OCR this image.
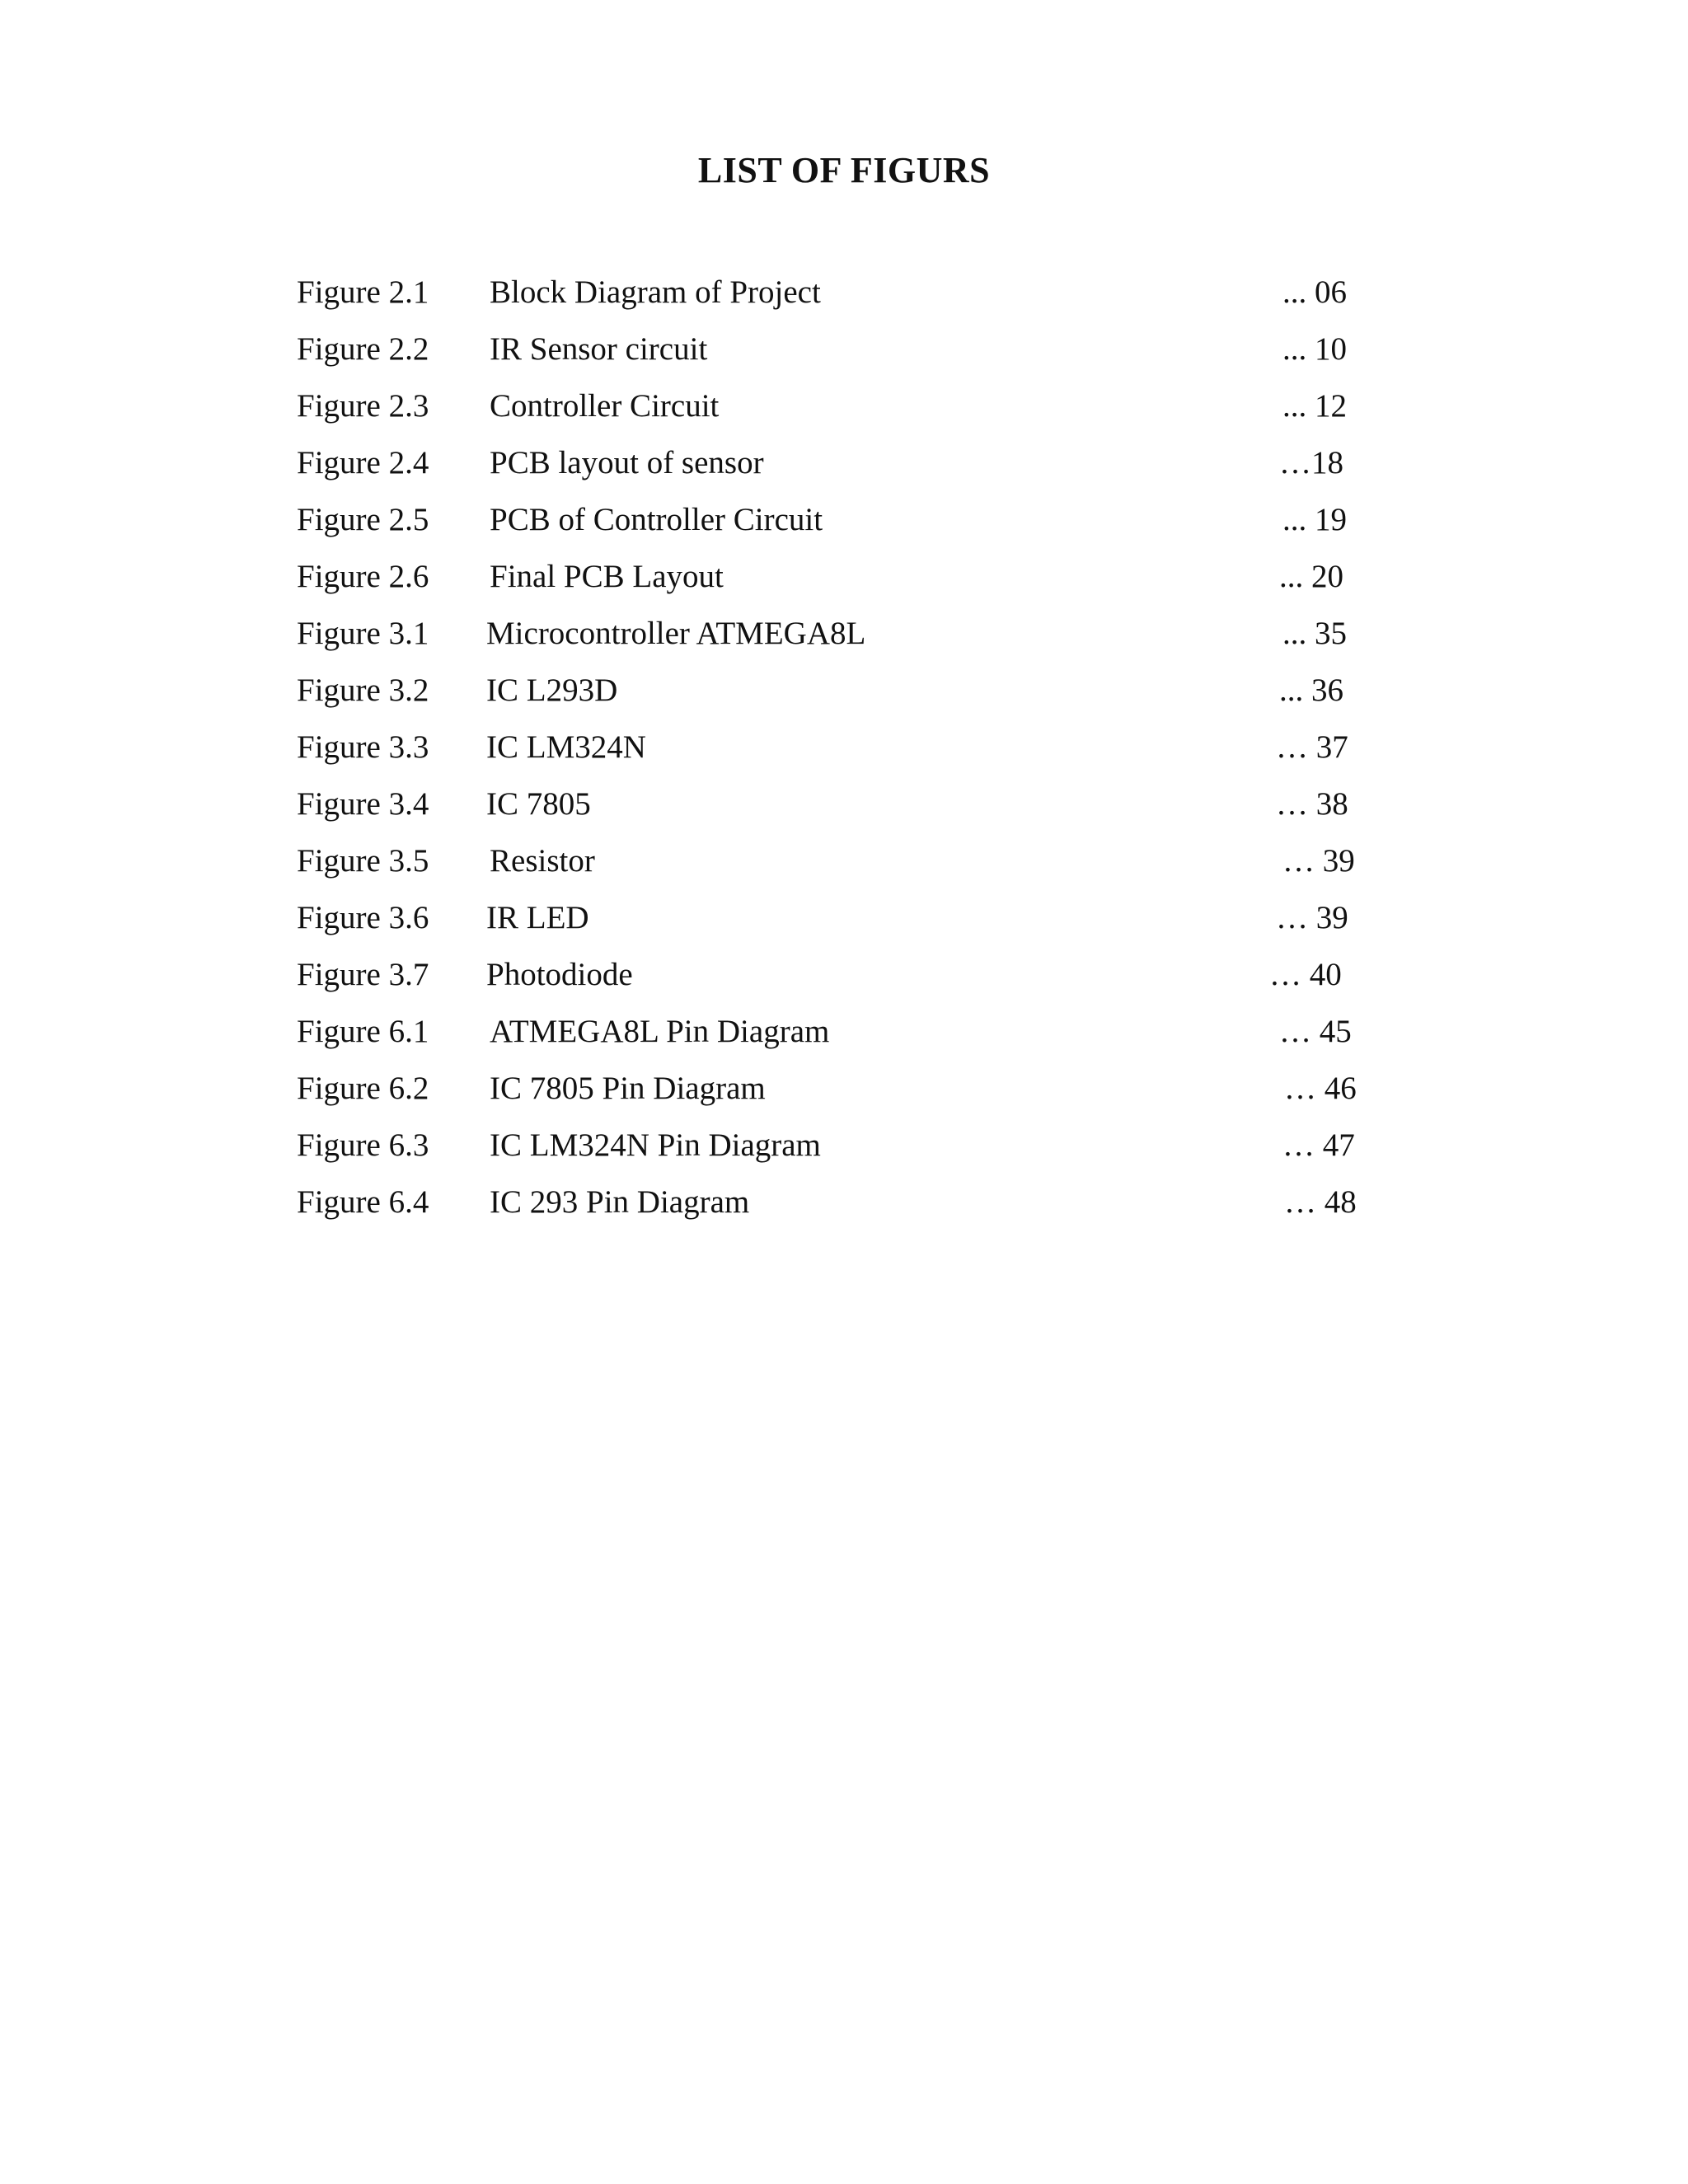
LIST OF FIGURS
Figure 2.1 Block Diagram of Project	... 06
Figure 2.2 IR Sensor circuit	... 10
Figure 2.3 Controller Circuit	... 12
Figure 2.4 PCB layout of sensor	…18
Figure 2.5 PCB of Controller Circuit	... 19
Figure 2.6 Final PCB Layout	... 20
Figure 3.1 Microcontroller ATMEGA8L	... 35
Figure 3.2 IC L293D	... 36
Figure 3.3 IC LM324N	… 37
Figure 3.4 IC 7805	… 38
Figure 3.5 Resistor	… 39
Figure 3.6 IR LED	… 39
Figure 3.7 Photodiode	… 40
Figure 6.1 ATMEGA8L Pin Diagram	… 45
Figure 6.2 IC 7805 Pin Diagram	… 46
Figure 6.3 IC LM324N Pin Diagram	… 47
Figure 6.4 IC 293 Pin Diagram	… 48
